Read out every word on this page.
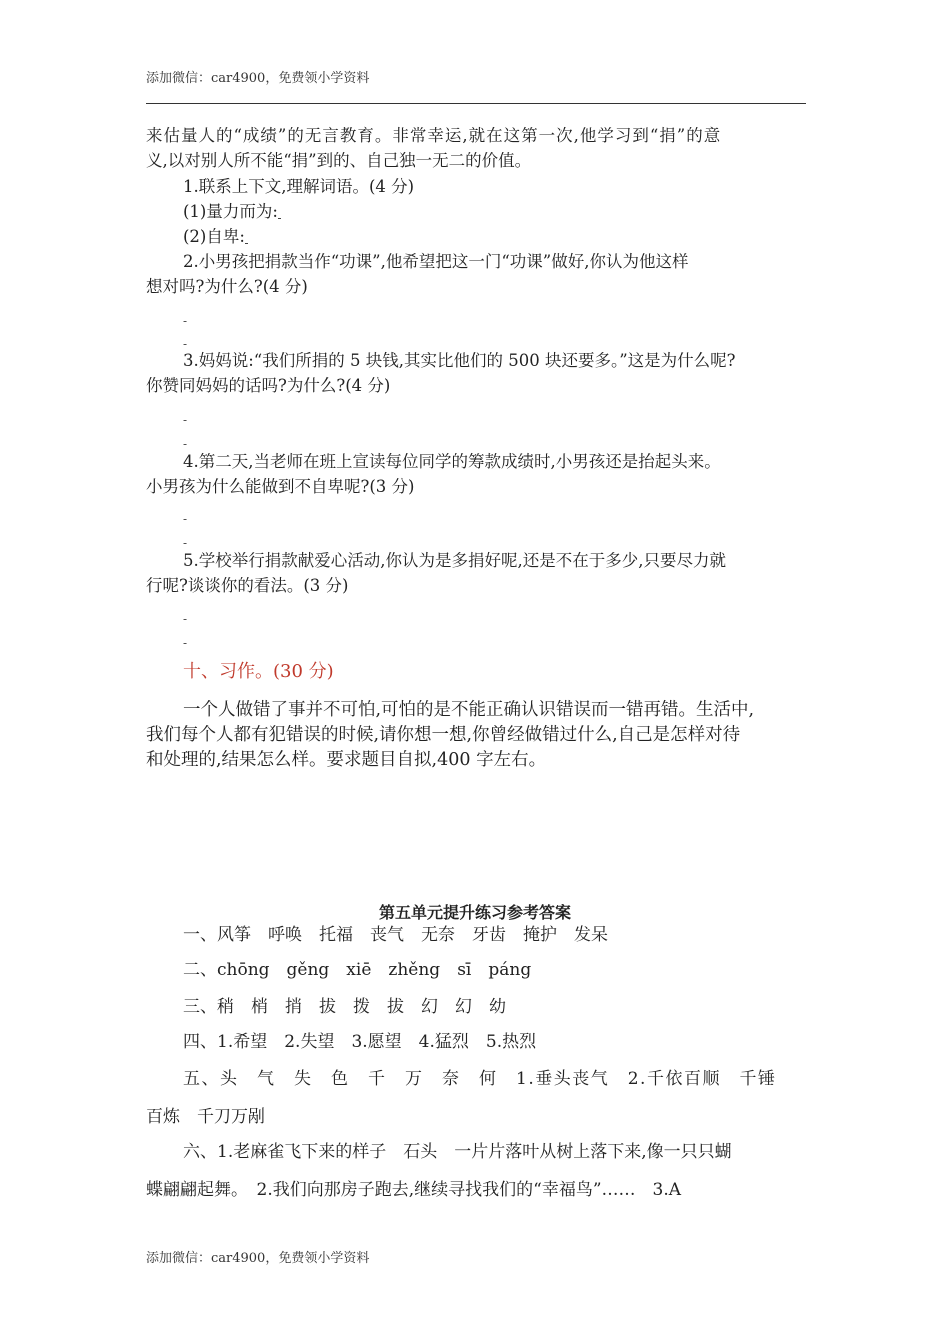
添加微信：car4900，免费领小学资料
来估量人的“成绩”的无言教育。非常幸运,就在这第一次,他学习到“捐”的意
义,以对别人所不能“捐”到的、自己独一无二的价值。
1.联系上下文,理解词语。(4 分)
(1)量力而为:
(2)自卑:
2.小男孩把捐款当作“功课”,他希望把这一门“功课”做好,你认为他这样
想对吗?为什么?(4 分)
-
-
3.妈妈说:“我们所捐的 5 块钱,其实比他们的 500 块还要多。”这是为什么呢?
你赞同妈妈的话吗?为什么?(4 分)
-
-
4.第二天,当老师在班上宣读每位同学的筹款成绩时,小男孩还是抬起头来。
小男孩为什么能做到不自卑呢?(3 分)
-
-
5.学校举行捐款献爱心活动,你认为是多捐好呢,还是不在于多少,只要尽力就
行呢?谈谈你的看法。(3 分)
-
-
十、习作。(30 分)
一个人做错了事并不可怕,可怕的是不能正确认识错误而一错再错。生活中,
我们每个人都有犯错误的时候,请你想一想,你曾经做错过什么,自己是怎样对待
和处理的,结果怎么样。要求题目自拟,400 字左右。
第五单元提升练习参考答案
一、风筝　呼唤　托福　丧气　无奈　牙齿　掩护　发呆
二、chōng　gěng　xiē　zhěng　sī　páng
三、稍　梢　捎　拔　拨　拔　幻　幻　幼
四、1.希望　2.失望　3.愿望　4.猛烈　5.热烈
五、头　气　失　色　千　万　奈　何　1.垂头丧气　2.千依百顺　千锤
百炼　千刀万剐
六、1.老麻雀飞下来的样子　石头　一片片落叶从树上落下来,像一只只蝴
蝶翩翩起舞。　2.我们向那房子跑去,继续寻找我们的“幸福鸟”……　3.A
添加微信：car4900，免费领小学资料
